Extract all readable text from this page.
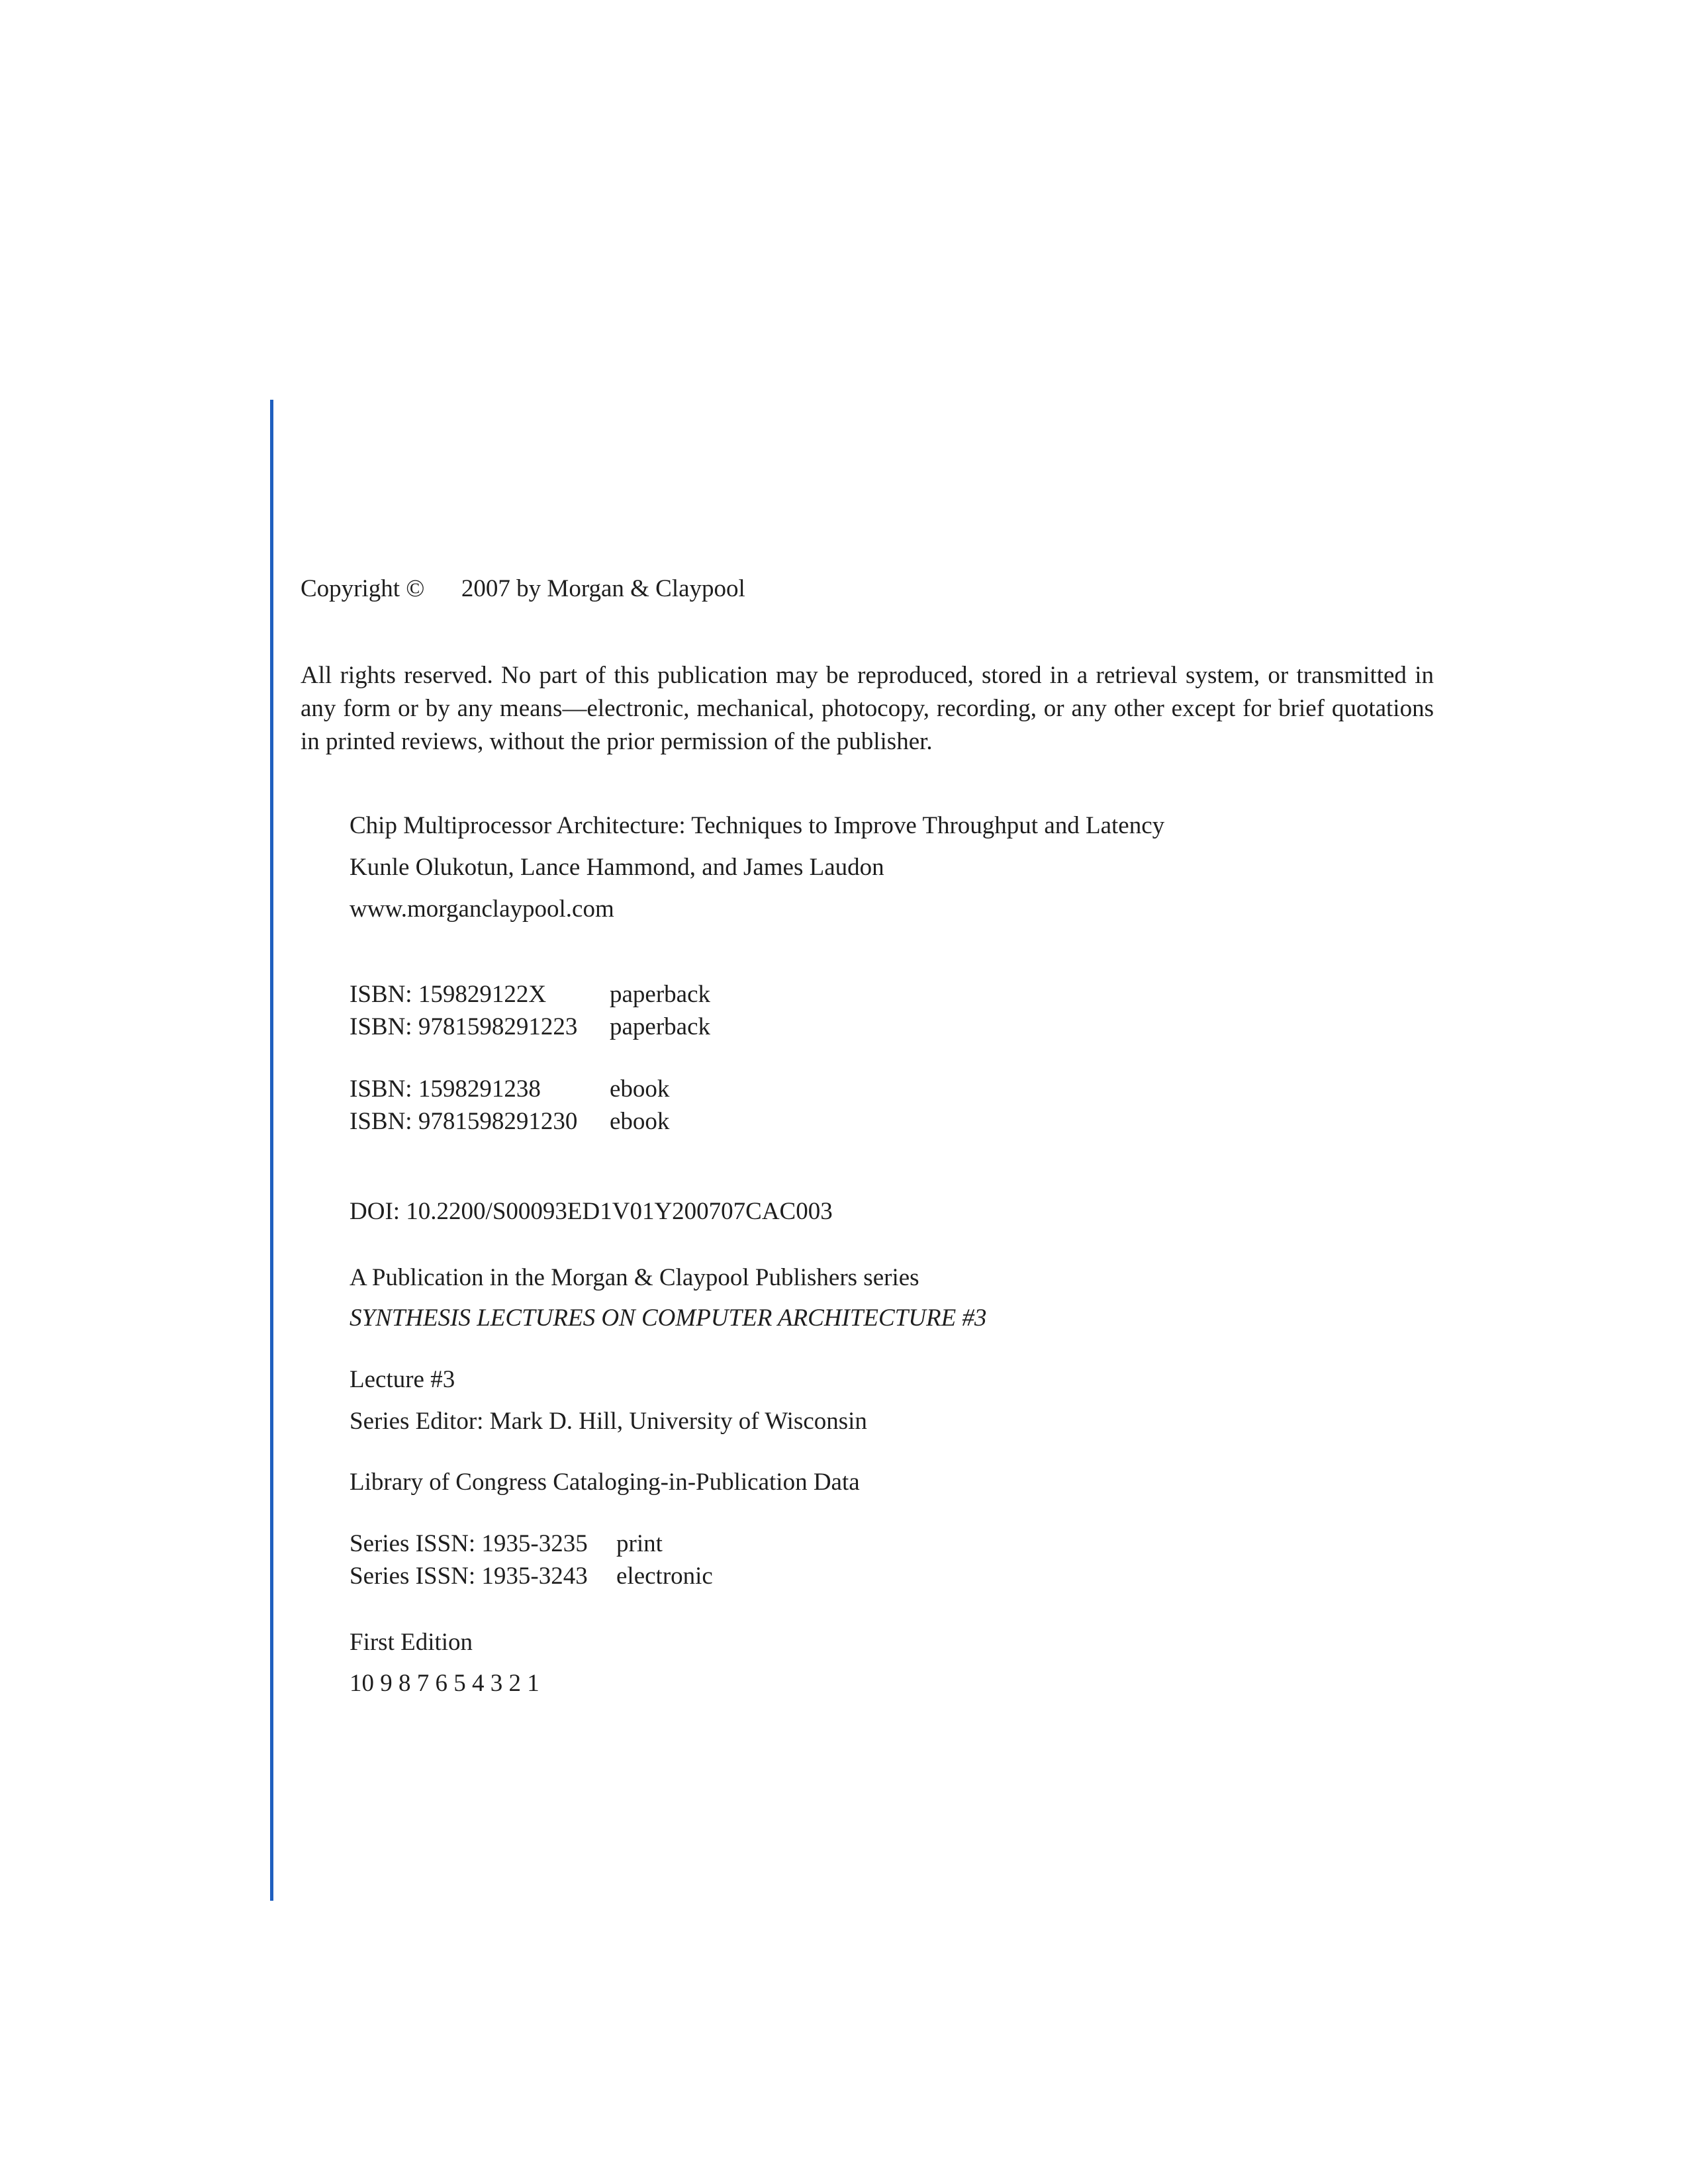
Copyright ©   2007 by Morgan & Claypool
All rights reserved. No part of this publication may be reproduced, stored in a retrieval system, or transmitted in any form or by any means—electronic, mechanical, photocopy, recording, or any other except for brief quotations in printed reviews, without the prior permission of the publisher.
Chip Multiprocessor Architecture: Techniques to Improve Throughput and Latency
Kunle Olukotun, Lance Hammond, and James Laudon
www.morganclaypool.com
ISBN: 159829122X	paperback
ISBN: 9781598291223 paperback
ISBN: 1598291238	ebook
ISBN: 9781598291230 ebook
DOI: 10.2200/S00093ED1V01Y200707CAC003
A Publication in the Morgan & Claypool Publishers series
SYNTHESIS LECTURES ON COMPUTER ARCHITECTURE #3
Lecture #3
Series Editor: Mark D. Hill, University of Wisconsin
Library of Congress Cataloging-in-Publication Data
Series ISSN: 1935-3235 print
Series ISSN: 1935-3243 electronic
First Edition
10 9 8 7 6 5 4 3 2 1
